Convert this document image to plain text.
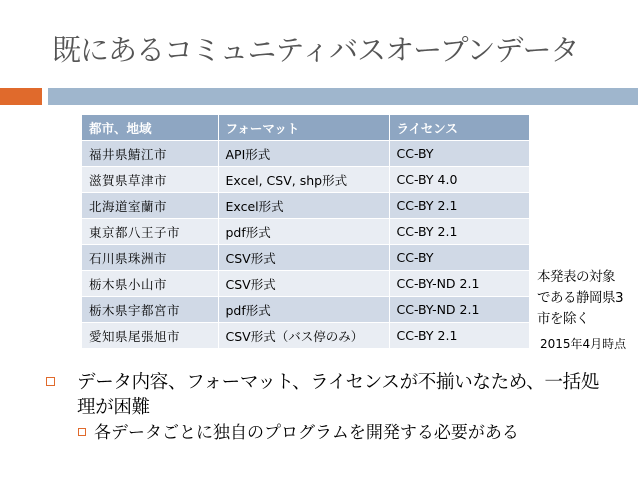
既にあるコミュニティバスオープンデータ
都市、地域	フォーマット	ライセンス
福井県鯖江市	API形式	CC-BY
滋賀県草津市	Excel, CSV, shp形式	CC-BY 4.0
北海道室蘭市	Excel形式	CC-BY 2.1
東京都八王子市	pdf形式	CC-BY 2.1
石川県珠洲市	CSV形式	CC-BY
栃木県小山市	CSV形式	CC-BY-ND 2.1
栃木県宇都宮市	pdf形式	CC-BY-ND 2.1
愛知県尾張旭市	CSV形式（バス停のみ）	CC-BY 2.1
本発表の対象
である静岡県3
市を除く
2015年4月時点
データ内容、フォーマット、ライセンスが不揃いなため、一括処理が困難
各データごとに独自のプログラムを開発する必要がある
